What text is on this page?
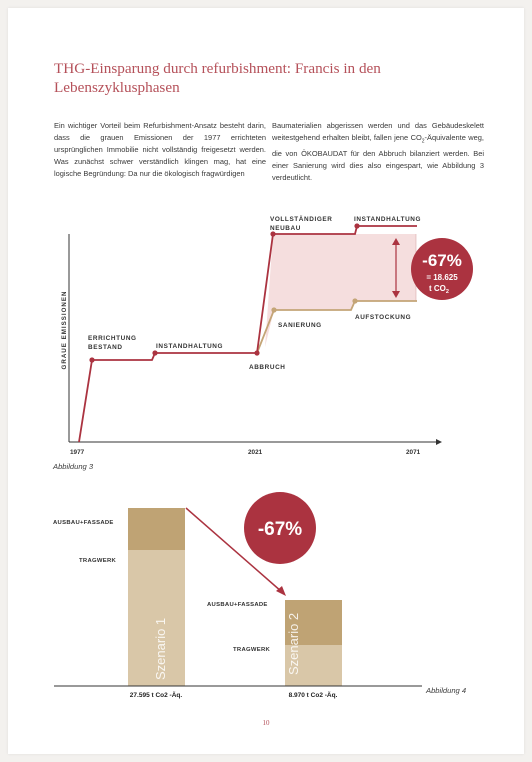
THG-Einsparung durch refurbishment: Francis in den Lebenszyklusphasen

Ein wichtiger Vorteil beim Refurbishment-Ansatz besteht darin, dass die grauen Emissionen der 1977 errichteten ursprünglichen Immobilie nicht vollständig freigesetzt werden. Was zunächst schwer verständlich klingen mag, hat eine logische Begründung: Da nur die ökologisch fragwürdigen

Baumaterialien abgerissen werden und das Gebäudeskelett weitestgehend erhalten bleibt, fallen jene $CO_2$-Äquivalente weg, die von ÖKOBAUDAT für den Abbruch bilanziert werden. Bei einer Sanierung wird dies also eingespart, wie Abbildung 3 verdeutlicht.

GRAUE EMISSIONEN
-67%
= 18.625
t $CO_2$
ERRICHTUNG
BESTAND	INSTANDHALTUNG
ABBRUCH
VOLLSTÄNDIGER
NEUBAU
INSTANDHALTUNG
SANIERUNG
AUFSTOCKUNG
1977	2021	2071
Szenario 1	Szenario 2
-67%
AUSBAU+FASSADE
TRAGWERK
AUSBAU+FASSADE
TRAGWERK
27.595 t Co2 -Äq.	8.970 t Co2 -Äq.
Abbildung 3
Abbildung 4
10
